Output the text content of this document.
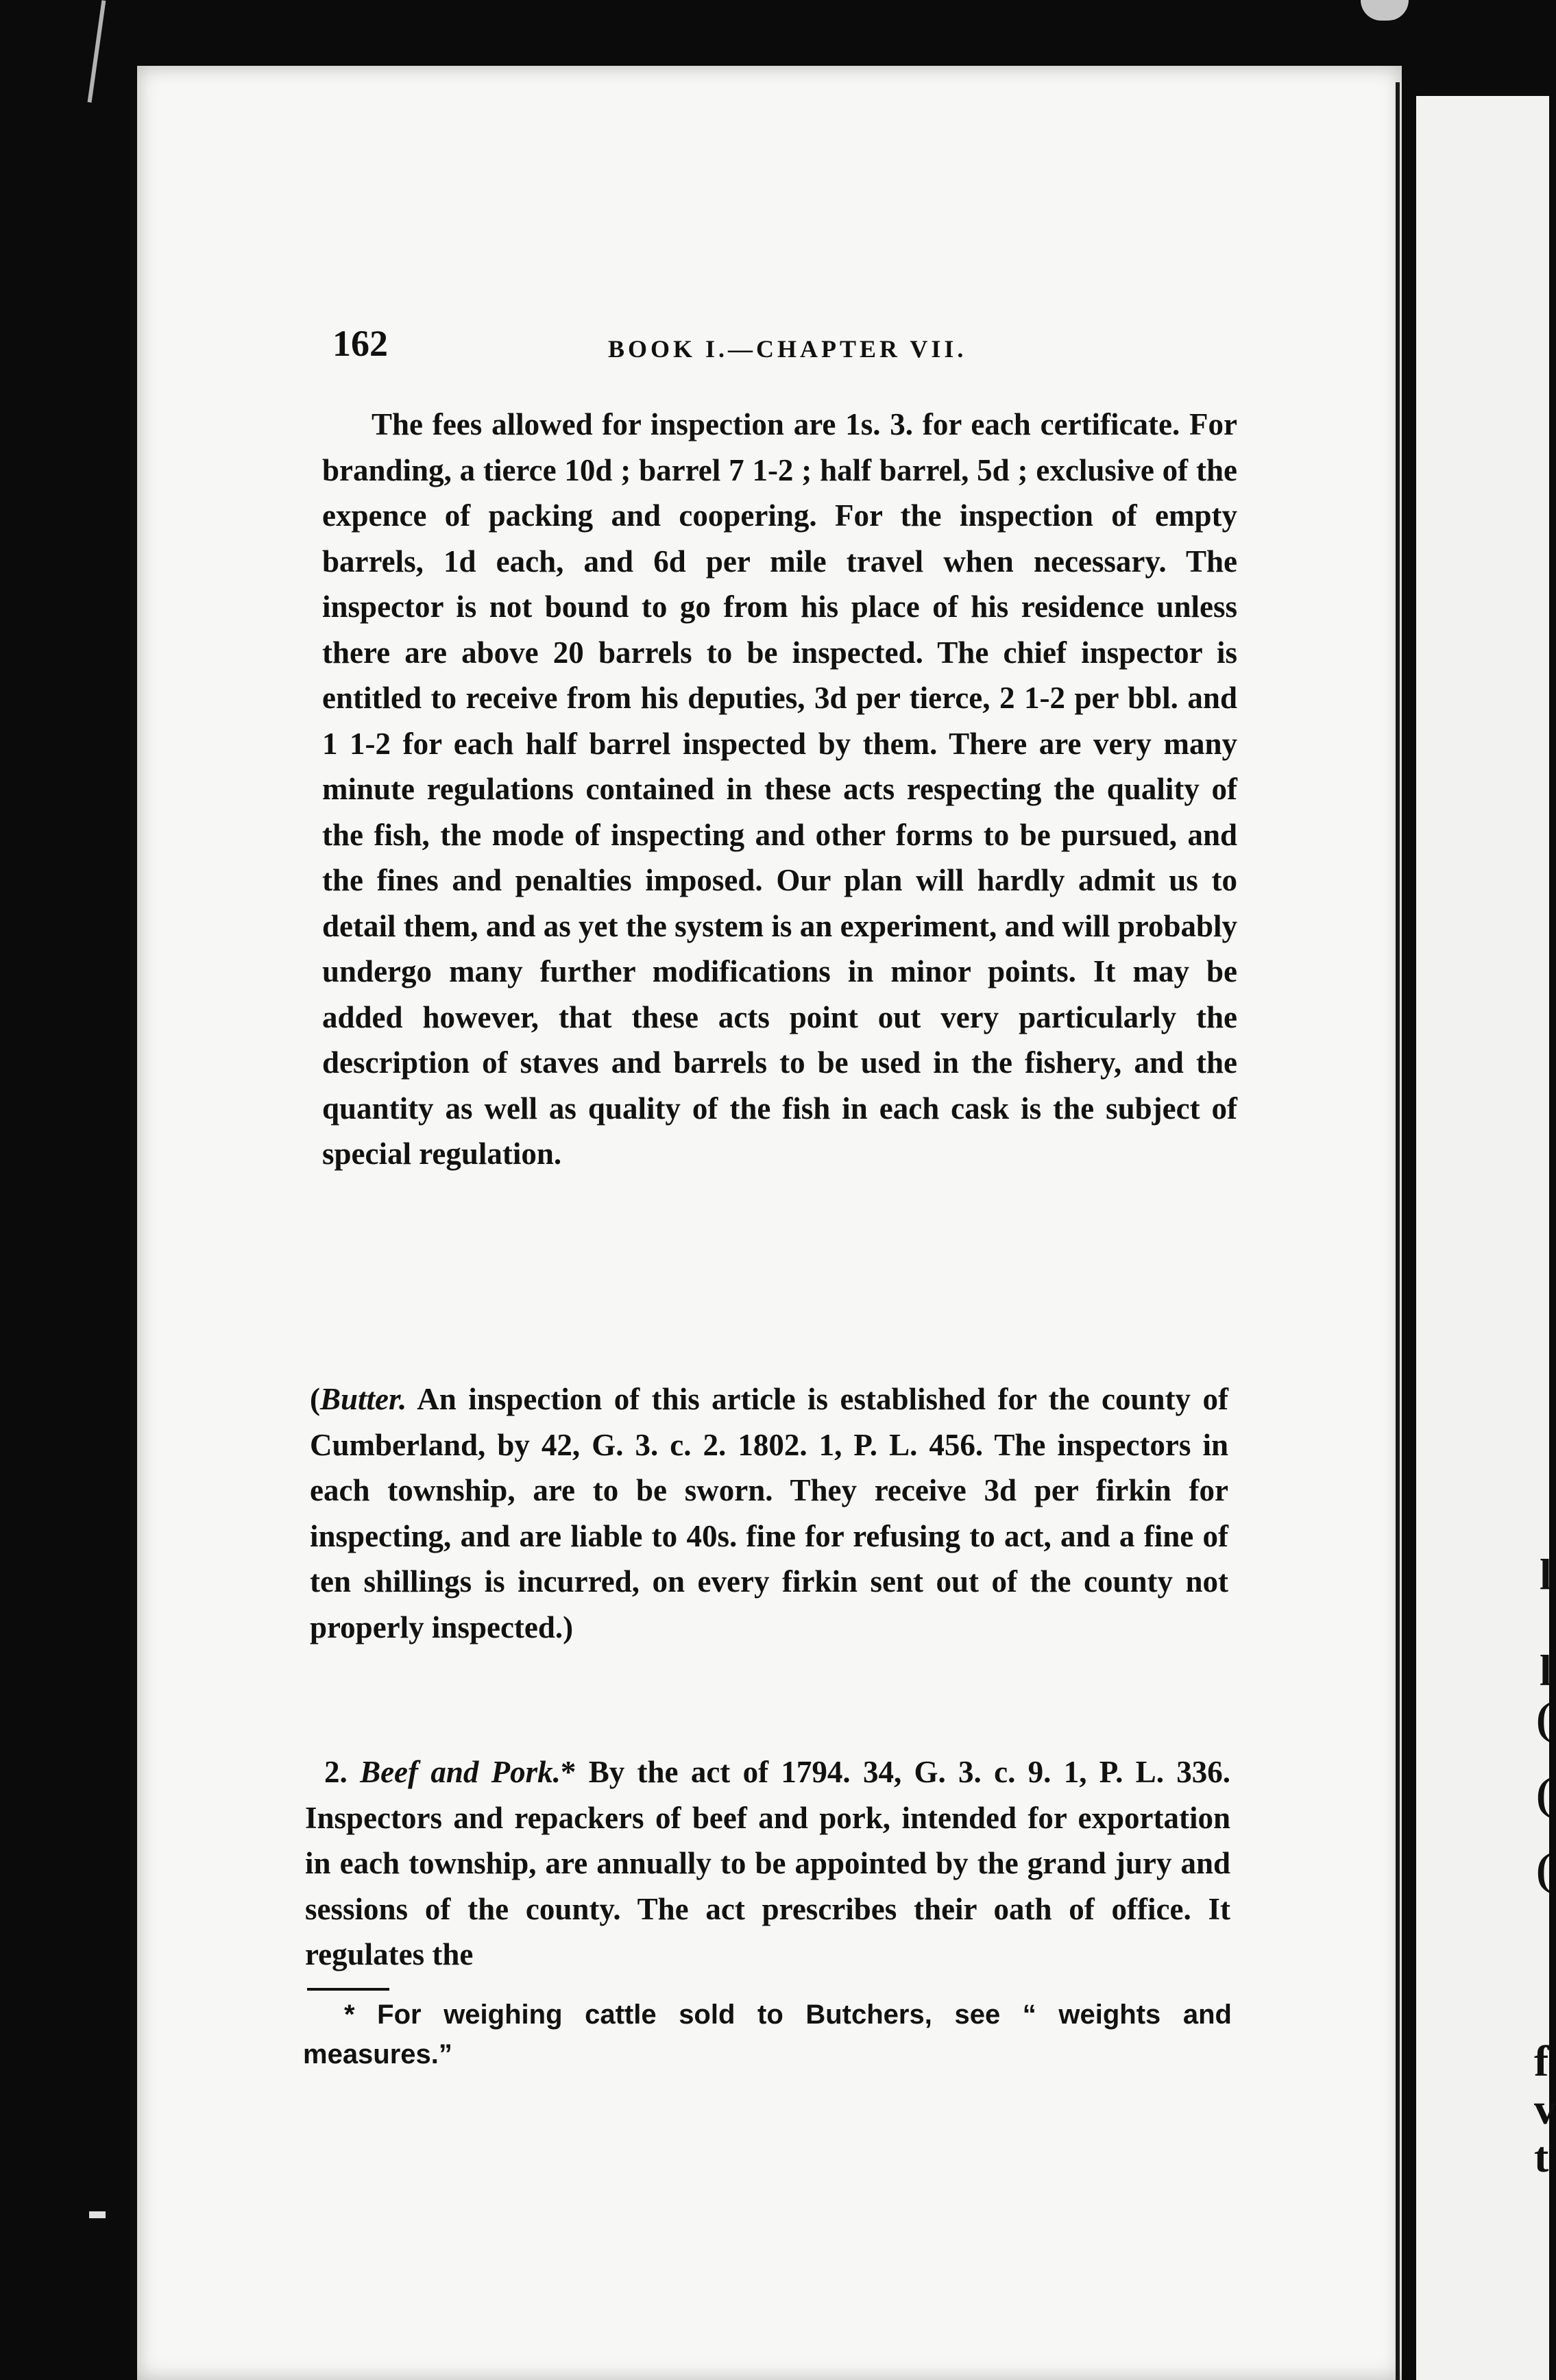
l
l
(
(
(
f
v
t
162	BOOK I.—CHAPTER VII.

The fees allowed for inspection are 1s. 3. for each certificate. For branding, a tierce 10d ; barrel 7 1-2 ; half barrel, 5d ; exclusive of the expence of packing and coopering. For the inspection of empty barrels, 1d each, and 6d per mile travel when necessary. The inspector is not bound to go from his place of his residence unless there are above 20 barrels to be inspected. The chief inspector is entitled to receive from his deputies, 3d per tierce, 2 1-2 per bbl. and 1 1-2 for each half barrel inspected by them. There are very many minute regulations contained in these acts respecting the quality of the fish, the mode of inspecting and other forms to be pursued, and the fines and penalties imposed. Our plan will hardly admit us to detail them, and as yet the system is an experiment, and will probably undergo many further modifications in minor points. It may be added however, that these acts point out very particularly the description of staves and barrels to be used in the fishery, and the quantity as well as quality of the fish in each cask is the subject of special regulation.

(Butter. An inspection of this article is established for the county of Cumberland, by 42, G. 3. c. 2. 1802. 1, P. L. 456. The inspectors in each township, are to be sworn. They receive 3d per firkin for inspecting, and are liable to 40s. fine for refusing to act, and a fine of ten shillings is incurred, on every firkin sent out of the county not properly inspected.)

2. Beef and Pork.* By the act of 1794. 34, G. 3. c. 9. 1, P. L. 336. Inspectors and repackers of beef and pork, intended for exportation in each township, are annually to be appointed by the grand jury and sessions of the county. The act prescribes their oath of office. It regulates the

* For weighing cattle sold to Butchers, see “ weights and measures.”
